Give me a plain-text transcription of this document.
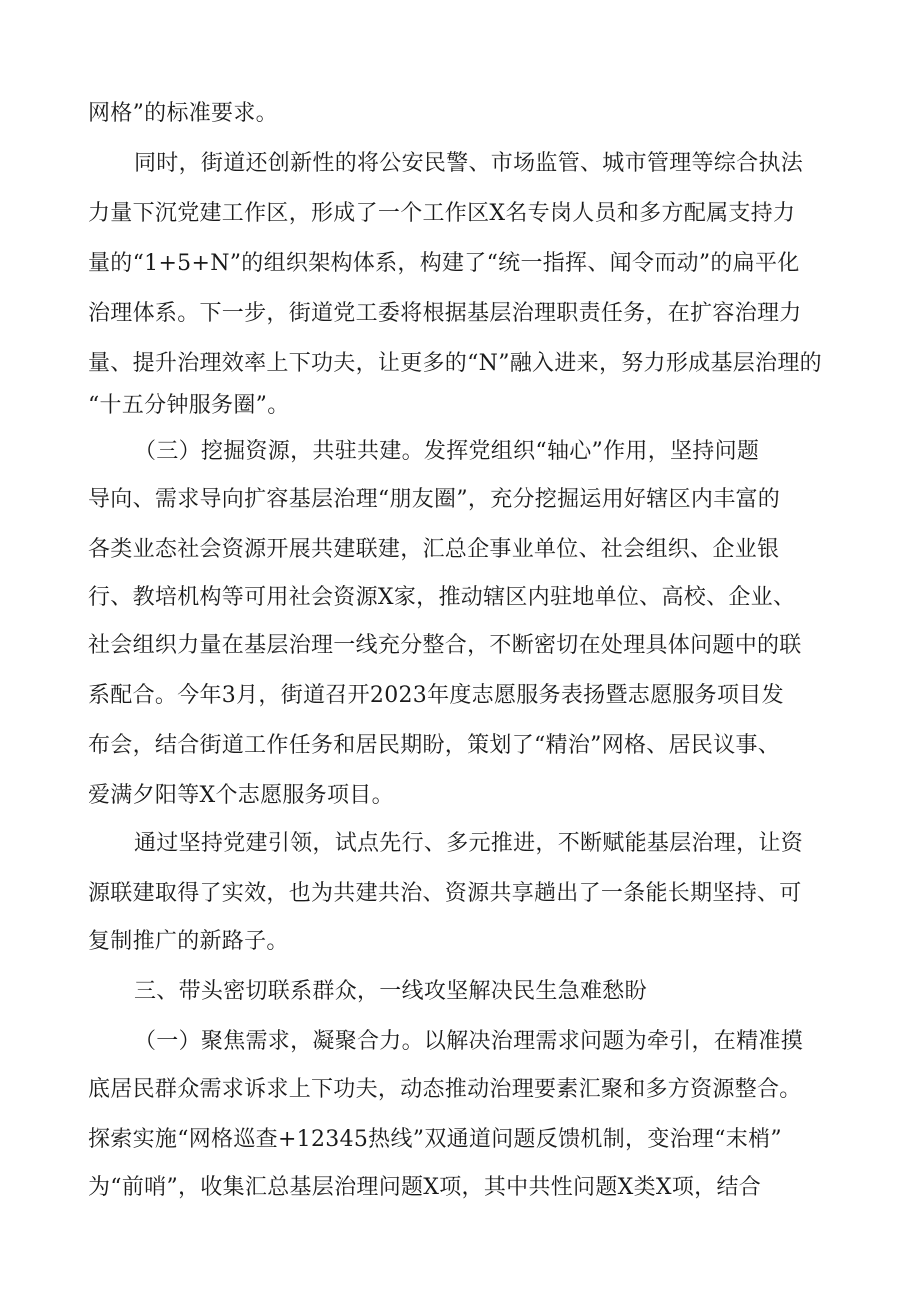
网格”的标准要求。
同时，街道还创新性的将公安民警、市场监管、城市管理等综合执法
力量下沉党建工作区，形成了一个工作区X名专岗人员和多方配属支持力
量的“1+5+N”的组织架构体系，构建了“统一指挥、闻令而动”的扁平化
治理体系。下一步，街道党工委将根据基层治理职责任务，在扩容治理力
量、提升治理效率上下功夫，让更多的“N”融入进来，努力形成基层治理的
“十五分钟服务圈”。
（三）挖掘资源，共驻共建。发挥党组织“轴心”作用，坚持问题
导向、需求导向扩容基层治理“朋友圈”，充分挖掘运用好辖区内丰富的
各类业态社会资源开展共建联建，汇总企事业单位、社会组织、企业银
行、教培机构等可用社会资源X家，推动辖区内驻地单位、高校、企业、
社会组织力量在基层治理一线充分整合，不断密切在处理具体问题中的联
系配合。今年3月，街道召开2023年度志愿服务表扬暨志愿服务项目发
布会，结合街道工作任务和居民期盼，策划了“精治”网格、居民议事、
爱满夕阳等X个志愿服务项目。
通过坚持党建引领，试点先行、多元推进，不断赋能基层治理，让资
源联建取得了实效，也为共建共治、资源共享趟出了一条能长期坚持、可
复制推广的新路子。
三、带头密切联系群众，一线攻坚解决民生急难愁盼
（一）聚焦需求，凝聚合力。以解决治理需求问题为牵引，在精准摸
底居民群众需求诉求上下功夫，动态推动治理要素汇聚和多方资源整合。
探索实施“网格巡查+12345热线”双通道问题反馈机制，变治理“末梢”
为“前哨”，收集汇总基层治理问题X项，其中共性问题X类X项，结合
